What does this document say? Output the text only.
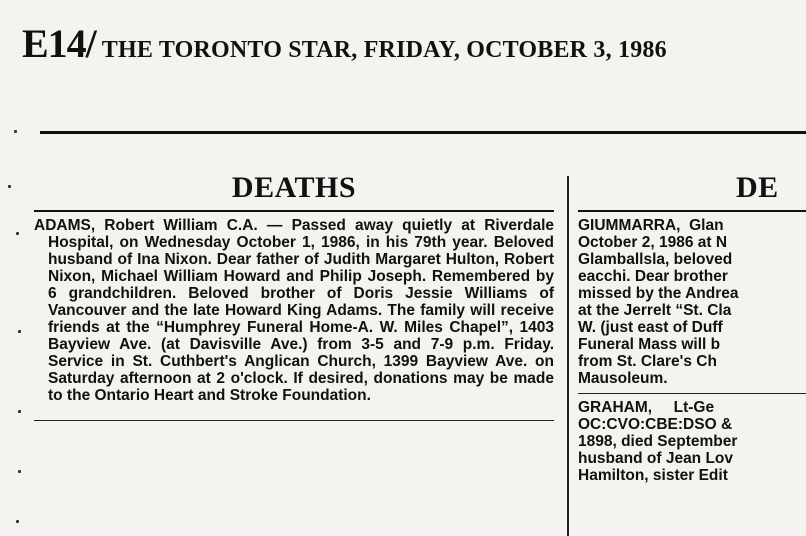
E14/ THE TORONTO STAR, FRIDAY, OCTOBER 3, 1986
DEATHS

ADAMS, Robert William C.A. — Passed away quietly at Riverdale Hospital, on Wednesday October 1, 1986, in his 79th year. Beloved husband of Ina Nixon. Dear father of Judith Margaret Hulton, Robert Nixon, Michael William Howard and Philip Joseph. Remembered by 6 grandchildren. Beloved brother of Doris Jessie Williams of Vancouver and the late Howard King Adams. The family will receive friends at the “Humphrey Funeral Home-A. W. Miles Chapel”, 1403 Bayview Ave. (at Davisville Ave.) from 3-5 and 7-9 p.m. Friday. Service in St. Cuthbert's Anglican Church, 1399 Bayview Ave. on Saturday afternoon at 2 o'clock. If desired, donations may be made to the Ontario Heart and Stroke Foundation.

DE
GIUMMARRA, Glan
October 2, 1986 at N
Glamballsla, beloved
eacchi. Dear brother
missed by the Andrea
at the Jerrelt “St. Cla
W. (just east of Duff
Funeral Mass will b
from St. Clare's Ch
Mausoleum.
GRAHAM, Lt-Ge
OC:CVO:CBE:DSO &
1898, died September
husband of Jean Lov
Hamilton, sister Edit
